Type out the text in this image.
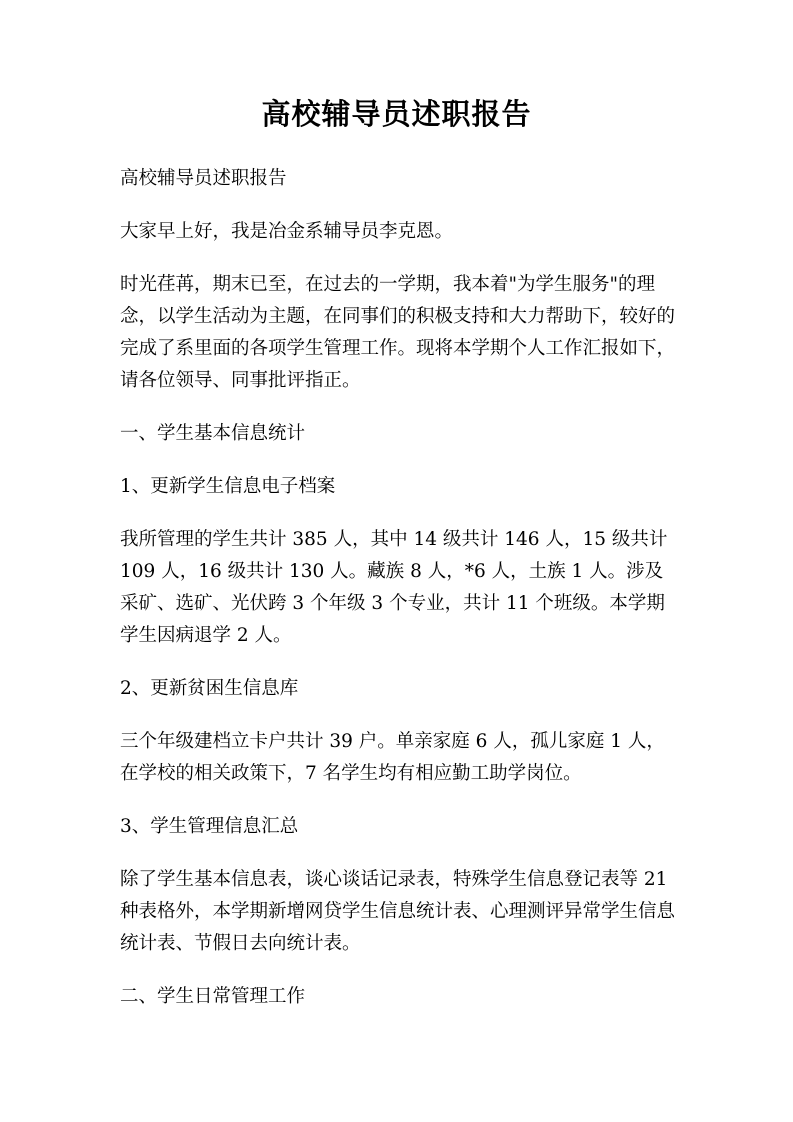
高校辅导员述职报告

高校辅导员述职报告

大家早上好，我是冶金系辅导员李克恩。

时光荏苒，期末已至，在过去的一学期，我本着"为学生服务"的理念，以学生活动为主题，在同事们的积极支持和大力帮助下，较好的完成了系里面的各项学生管理工作。现将本学期个人工作汇报如下，请各位领导、同事批评指正。

一、学生基本信息统计

1、更新学生信息电子档案

我所管理的学生共计 385 人，其中 14 级共计 146 人，15 级共计 109 人，16 级共计 130 人。藏族 8 人，*6 人，土族 1 人。涉及采矿、选矿、光伏跨 3 个年级 3 个专业，共计 11 个班级。本学期学生因病退学 2 人。

2、更新贫困生信息库

三个年级建档立卡户共计 39 户。单亲家庭 6 人，孤儿家庭 1 人，在学校的相关政策下，7 名学生均有相应勤工助学岗位。

3、学生管理信息汇总

除了学生基本信息表，谈心谈话记录表，特殊学生信息登记表等 21 种表格外，本学期新增网贷学生信息统计表、心理测评异常学生信息统计表、节假日去向统计表。

二、学生日常管理工作
